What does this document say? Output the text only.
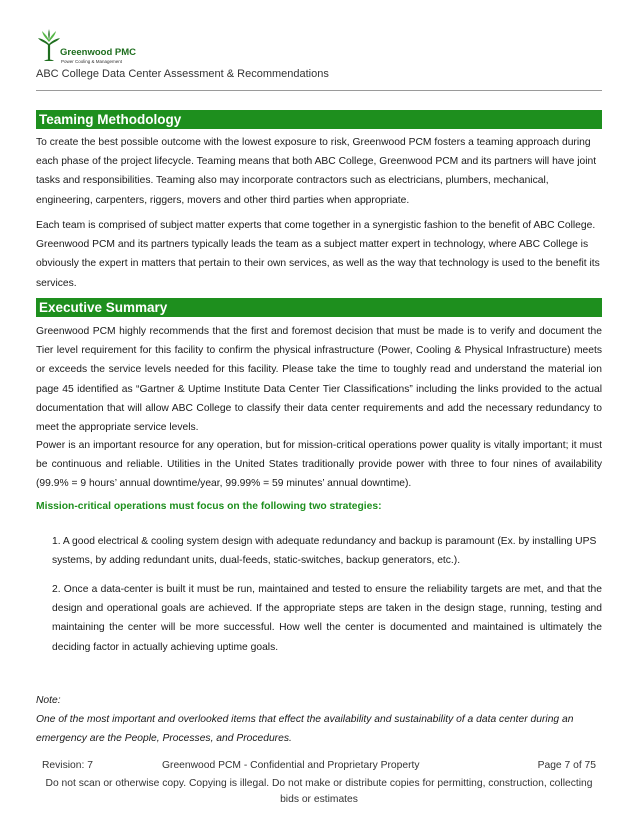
Greenwood PMC
Power Cooling & Management
ABC College Data Center Assessment & Recommendations
Teaming Methodology

To create the best possible outcome with the lowest exposure to risk, Greenwood PCM fosters a teaming approach during each phase of the project lifecycle. Teaming means that both ABC College, Greenwood PCM and its partners will have joint tasks and responsibilities. Teaming also may incorporate contractors such as electricians, plumbers, mechanical, engineering, carpenters, riggers, movers and other third parties when appropriate.

Each team is comprised of subject matter experts that come together in a synergistic fashion to the benefit of ABC College. Greenwood PCM and its partners typically leads the team as a subject matter expert in technology, where ABC College is obviously the expert in matters that pertain to their own services, as well as the way that technology is used to the benefit its services.

Executive Summary

Greenwood PCM highly recommends that the first and foremost decision that must be made is to verify and document the Tier level requirement for this facility to confirm the physical infrastructure (Power, Cooling & Physical Infrastructure) meets or exceeds the service levels needed for this facility. Please take the time to toughly read and understand the material ion page 45 identified as “Gartner & Uptime Institute Data Center Tier Classifications” including the links provided to the actual documentation that will allow ABC College to classify their data center requirements and add the necessary redundancy to meet the appropriate service levels.

Power is an important resource for any operation, but for mission-critical operations power quality is vitally important; it must be continuous and reliable. Utilities in the United States traditionally provide power with three to four nines of availability (99.9% = 9 hours’ annual downtime/year, 99.99% = 59 minutes’ annual downtime).

Mission-critical operations must focus on the following two strategies:

1. A good electrical & cooling system design with adequate redundancy and backup is paramount (Ex. by installing UPS systems, by adding redundant units, dual-feeds, static-switches, backup generators, etc.).

2. Once a data-center is built it must be run, maintained and tested to ensure the reliability targets are met, and that the design and operational goals are achieved. If the appropriate steps are taken in the design stage, running, testing and maintaining the center will be more successful. How well the center is documented and maintained is ultimately the deciding factor in actually achieving uptime goals.

Note:

One of the most important and overlooked items that effect the availability and sustainability of a data center during an emergency are the People, Processes, and Procedures.

Revision: 7	Greenwood PCM - Confidential and Proprietary Property	Page 7 of 75
Do not scan or otherwise copy. Copying is illegal. Do not make or distribute copies for permitting, construction, collecting bids or estimates
